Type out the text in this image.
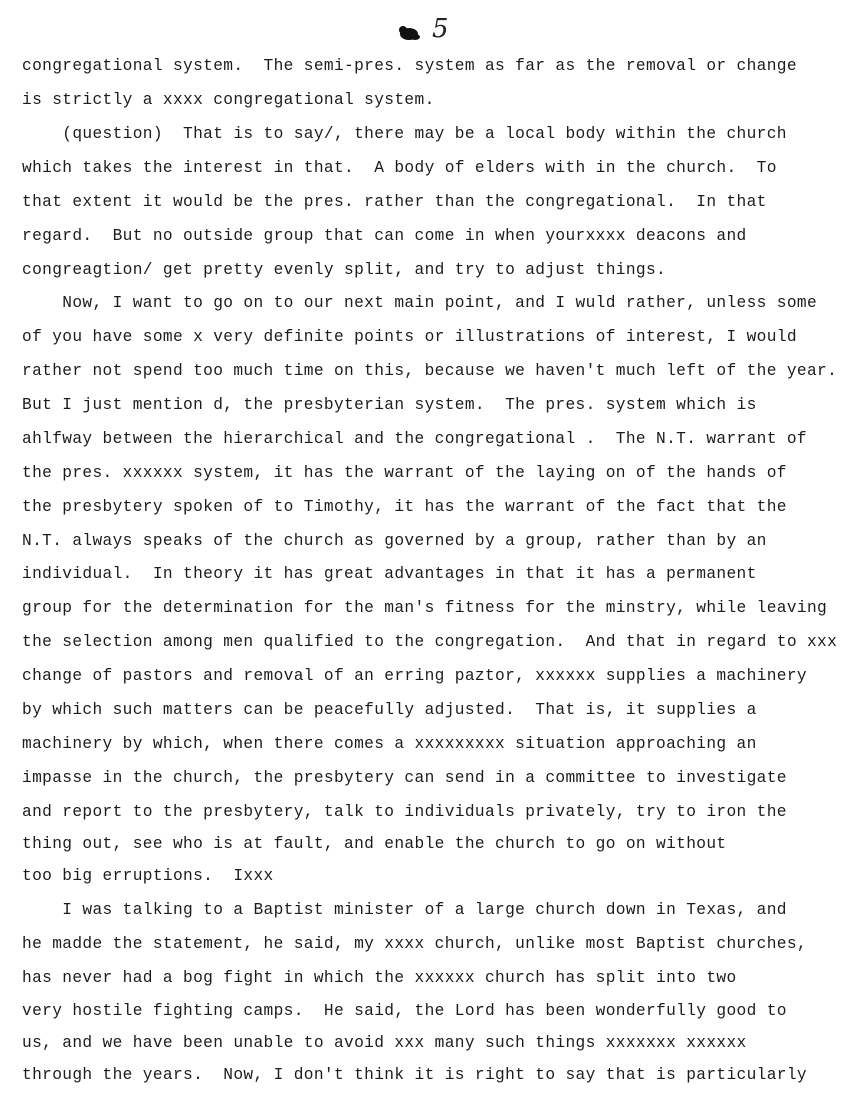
5
congregational system.  The semi-pres. system as far as the removal or change
is strictly a xxxx congregational system.
(question)  That is to say/, there may be a local body within the church
which takes the interest in that.  A body of elders with in the church.  To
that extent it would be the pres. rather than the congregational.  In that
regard.  But no outside group that can come in when yourxxxx deacons and
congreagtion/ get pretty evenly split, and try to adjust things.
Now, I want to go on to our next main point, and I wuld rather, unless some
of you have some x very definite points or illustrations of interest, I would
rather not spend too much time on this, because we haven't much left of the year.
But I just mention d, the presbyterian system.  The pres. system which is
ahlfway between the hierarchical and the congregational .  The N.T. warrant of
the pres. xxxxxx system, it has the warrant of the laying on of the hands of
the presbytery spoken of to Timothy, it has the warrant of the fact that the
N.T. always speaks of the church as governed by a group, rather than by an
individual.  In theory it has great advantages in that it has a permanent
group for the determination for the man's fitness for the minstry, while leaving
the selection among men qualified to the congregation.  And that in regard to xxx
change of pastors and removal of an erring paztor, xxxxxx supplies a machinery
by which such matters can be peacefully adjusted.  That is, it supplies a
machinery by which, when there comes a xxxxxxxxx situation approaching an
impasse in the church, the presbytery can send in a committee to investigate
and report to the presbytery, talk to individuals privately, try to iron the
thing out, see who is at fault, and enable the church to go on without
too big erruptions.  Ixxx
I was talking to a Baptist minister of a large church down in Texas, and
he madde the statement, he said, my xxxx church, unlike most Baptist churches,
has never had a bog fight in which the xxxxxx church has split into two
very hostile fighting camps.  He said, the Lord has been wonderfully good to
us, and we have been unable to avoid xxx many such things xxxxxxx xxxxxx
through the years.  Now, I don't think it is right to say that is particularly
